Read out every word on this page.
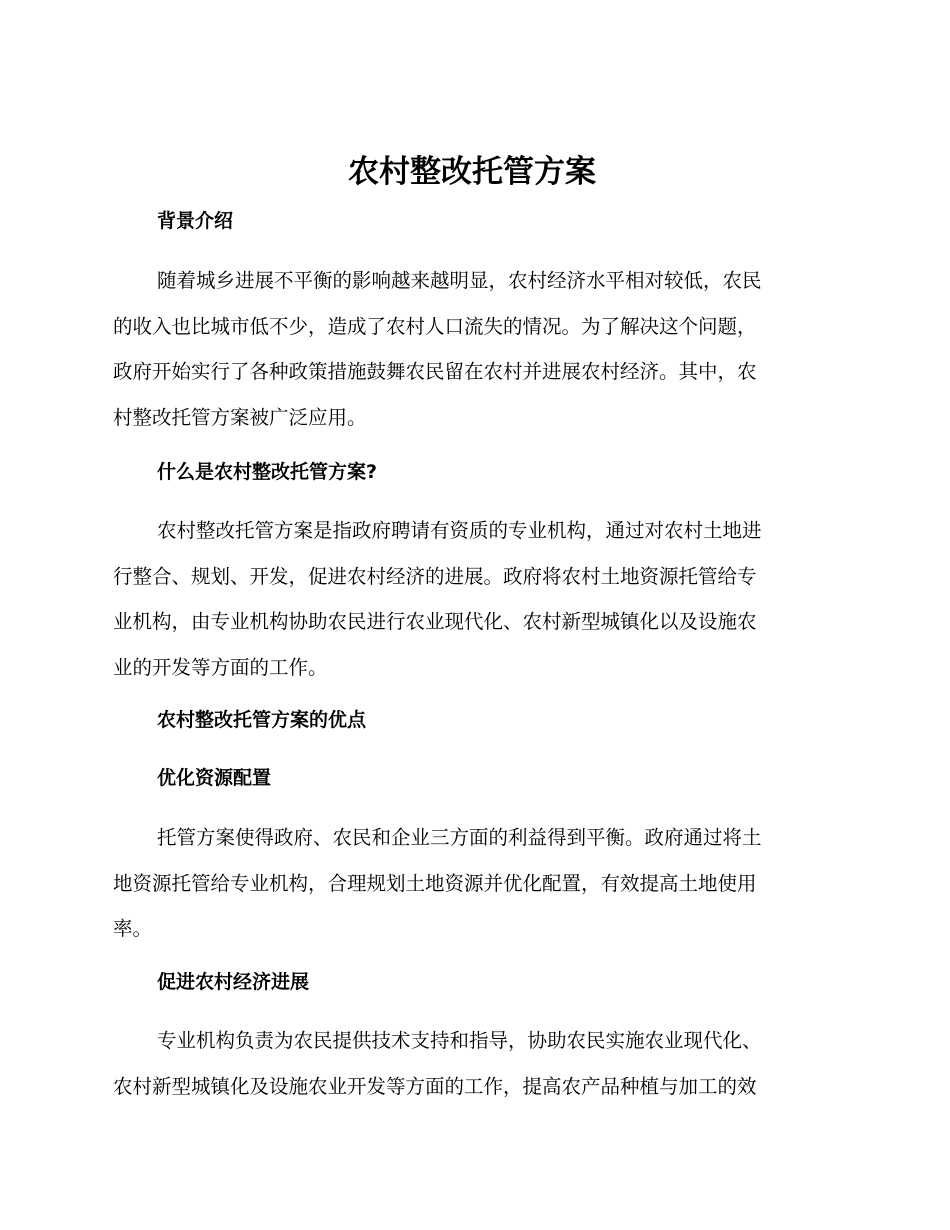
农村整改托管方案
背景介绍
随着城乡进展不平衡的影响越来越明显，农村经济水平相对较低，农民
的收入也比城市低不少，造成了农村人口流失的情况。为了解决这个问题，
政府开始实行了各种政策措施鼓舞农民留在农村并进展农村经济。其中，农
村整改托管方案被广泛应用。
什么是农村整改托管方案?
农村整改托管方案是指政府聘请有资质的专业机构，通过对农村土地进
行整合、规划、开发，促进农村经济的进展。政府将农村土地资源托管给专
业机构，由专业机构协助农民进行农业现代化、农村新型城镇化以及设施农
业的开发等方面的工作。
农村整改托管方案的优点
优化资源配置
托管方案使得政府、农民和企业三方面的利益得到平衡。政府通过将土
地资源托管给专业机构，合理规划土地资源并优化配置，有效提高土地使用
率。
促进农村经济进展
专业机构负责为农民提供技术支持和指导，协助农民实施农业现代化、
农村新型城镇化及设施农业开发等方面的工作，提高农产品种植与加工的效
